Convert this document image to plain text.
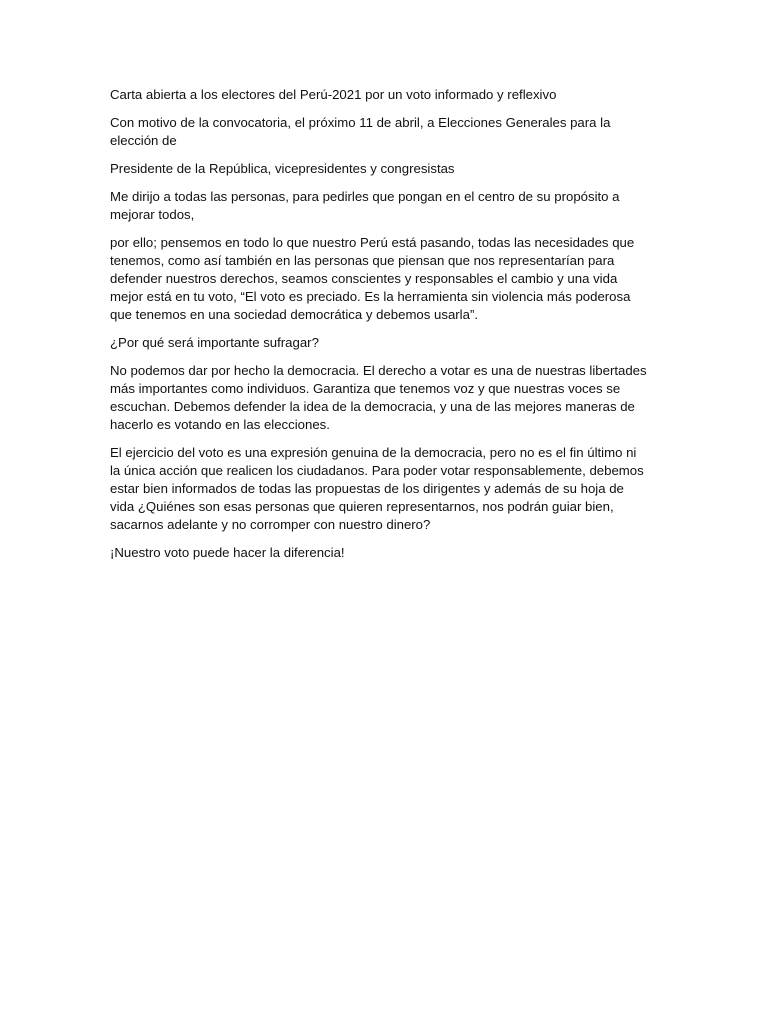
Carta abierta a los electores del Perú-2021 por un voto informado y reflexivo

Con motivo de la convocatoria, el próximo 11 de abril, a Elecciones Generales para la elección de

Presidente de la República, vicepresidentes y congresistas

Me dirijo a todas las personas, para pedirles que pongan en el centro de su propósito a mejorar todos,

por ello; pensemos en todo lo que nuestro Perú está pasando, todas las necesidades que tenemos, como así también en las personas que piensan que nos representarían para defender nuestros derechos, seamos conscientes y responsables el cambio y una vida mejor está en tu voto, “El voto es preciado. Es la herramienta sin violencia más poderosa que tenemos en una sociedad democrática y debemos usarla”.

¿Por qué será importante sufragar?

No podemos dar por hecho la democracia. El derecho a votar es una de nuestras libertades más importantes como individuos. Garantiza que tenemos voz y que nuestras voces se escuchan. Debemos defender la idea de la democracia, y una de las mejores maneras de hacerlo es votando en las elecciones.

El ejercicio del voto es una expresión genuina de la democracia, pero no es el fin último ni la única acción que realicen los ciudadanos. Para poder votar responsablemente, debemos estar bien informados de todas las propuestas de los dirigentes y además de su hoja de vida ¿Quiénes son esas personas que quieren representarnos, nos podrán guiar bien, sacarnos adelante y no corromper con nuestro dinero?

¡Nuestro voto puede hacer la diferencia!
